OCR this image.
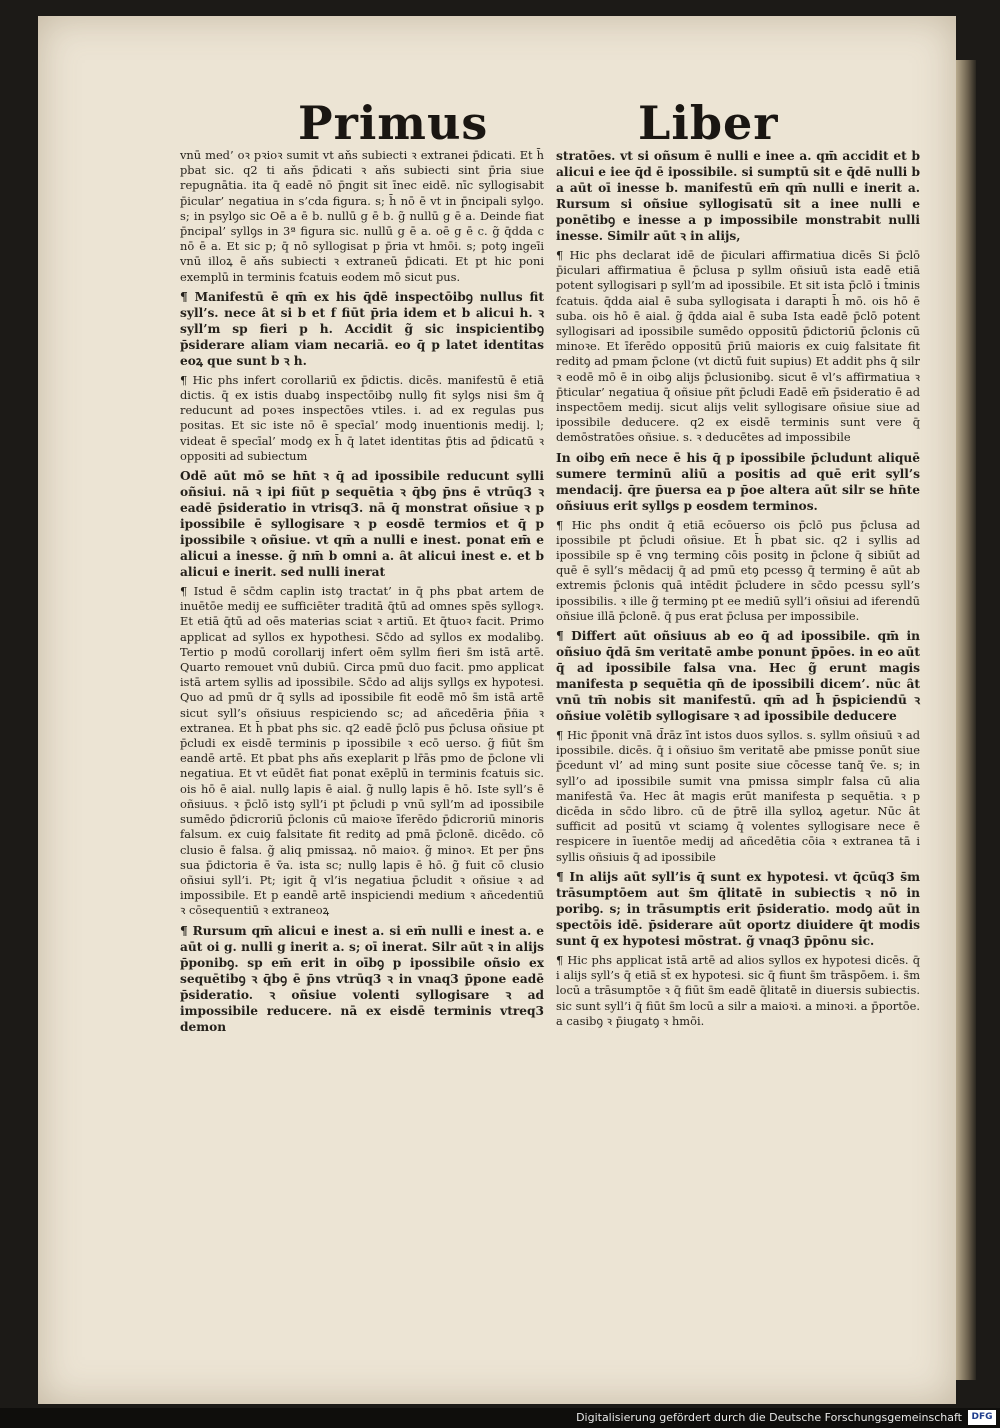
Primus	Liber

vnū med’ oꝛ pꝛioꝛ sumit vt aňs subiecti ꝛ extranei p̄dicati. Et h̄ pbat sic. q2 ti aňs p̄dicati ꝛ aňs subiecti sint p̄ria siue repugnātia. ita q̄ eadē nō p̄ngit sit īnec eidē. nīc syllogisabit p̄icular’ negatiua in s’cda figura. s; h̄ nō ē vt in p̄ncipali sylꝯo. s; in psylꝯo sic Oē a ē b. nullū g ē b. g̃ nullū g ē a. Deinde fiat p̄ncipal’ syllꝯs in 3ª figura sic. nullū g ē a. oē g ē c. g̃ q̄dda c nō ē a. Et sic p; q̄ nō syllogisat p p̄ria vt hmōi. s; potꝯ ingeīi vnū illoꝝ ē aňs subiecti ꝛ extraneū p̄dicati. Et pt hic poni exemplū in terminis fcatuis eodem mō sicut pus.

¶ Manifestū ē qm̄ ex his q̄dē inspectōibꝯ nullus fit syll’s. nece ȃt si b et f fiūt p̄ria idem et b alicui h. ꝛ syll’m sp fieri p h. Accidit g̃ sic inspicientibꝯ p̄siderare aliam viam necariā. eo q̄ p latet identitas eoꝝ que sunt b ꝛ h.

¶ Hic phs infert corollariū ex p̄dictis. dicēs. manifestū ē etiā dictis. q̄ ex istis duabꝯ inspectōibꝯ nullꝯ fit sylꝯs nisi s̄m q̄ reducunt ad poꝛes inspectōes vtiles. i. ad ex regulas pus positas. Et sic iste nō ē specīal’ modꝯ inuentionis medij. l; videat ē specīal’ modꝯ ex h̄ q̄ latet identitas p̄tis ad p̄dicatū ꝛ oppositi ad subiectum

Odē aūt mō se hn̄t ꝛ q̄ ad ipossibile reducunt sylli oñsiui. nā ꝛ ipi fiūt p sequētia ꝛ q̄bꝯ p̄ns ē vtrūq3 ꝛ eadē p̄sideratio in vtrisq3. nā q̄ monstrat oñsiue ꝛ p ipossibile ē syllogisare ꝛ p eosdē termios et q̄ p ipossibile ꝛ oñsiue. vt qm̄ a nulli e inest. ponat em̄ e alicui a inesse. g̃ nm̄ b omni a. ȃt alicui inest e. et b alicui e inerit. sed nulli inerat

¶ Istud ē sc̄dm caplin istꝯ tractat’ in q̄ phs pbat artem de inuētōe medij ee sufficiēter traditā q̄tū ad omnes spēs syllogꝛ. Et etiā q̄tū ad oēs materias sciat ꝛ artiū. Et q̄tuoꝛ facit. Primo applicat ad syllos ex hypothesi. Sc̄do ad syllos ex modalibꝯ. Tertio p modū corollarij infert oēm syllm fieri s̄m istā artē. Quarto remouet vnū dubiū. Circa pmū duo facit. pmo applicat istā artem syllis ad ipossibile. Sc̄do ad alijs syllꝯs ex hypotesi. Quo ad pmū dr q̄ sylls ad ipossibile fit eodē mō s̄m istā artē sicut syll’s oñsiuus respiciendo sc; ad añcedēria p̄ñia ꝛ extranea. Et h̄ pbat phs sic. q2 eadē p̄clō pus p̄clusa oñsiue pt p̄cludi ex eisdē terminis p ipossibile ꝛ ecō uerso. g̃ fiūt s̄m eandē artē. Et pbat phs aňs exeplarit p lr̄ās pmo de p̄clone vli negatiua. Et vt eūdēt fiat ponat exēplū in terminis fcatuis sic. ois hō ē aial. nullꝯ lapis ē aial. g̃ nullꝯ lapis ē hō. Iste syll’s ē oñsiuus. ꝛ p̄clō istꝯ syll’i pt p̄cludi p vnū syll’m ad ipossibile sumēdo p̄dicroriū p̄clonis cū maioꝛe īferēdo p̄dicroriū minoris falsum. ex cuiꝯ falsitate fit reditꝯ ad pmā p̄clonē. dicēdo. cō clusio ē falsa. g̃ aliq pmissaꝝ. nō maioꝛ. g̃ minoꝛ. Et per p̄ns sua p̄dictoria ē v̄a. ista sc; nullꝯ lapis ē hō. g̃ fuit cō clusio oñsiui syll’i. Pt; igit q̄ vl’is negatiua p̄cludit ꝛ oñsiue ꝛ ad impossibile. Et p eandē artē inspiciendi medium ꝛ añcedentiū ꝛ cōsequentiū ꝛ extraneoꝝ

¶ Rursum qm̄ alicui e inest a. si em̄ nulli e inest a. e aūt oi g. nulli g inerit a. s; oī inerat. Silr aūt ꝛ in alijs p̄ponibꝯ. sp em̄ erit in oībꝯ p ipossibile oñsio ex sequētibꝯ ꝛ q̄bꝯ ē p̄ns vtrūq3 ꝛ in vnaq3 p̄pone eadē p̄sideratio. ꝛ oñsiue volenti syllogisare ꝛ ad impossibile reducere. nā ex eisdē terminis vtreq3 demon

stratōes. vt si oñsum ē nulli e inee a. qm̄ accidit et b alicui e iee q̄d ē ipossibile. si sumptū sit e q̄dē nulli b a aūt oī inesse b. manifestū em̄ qm̄ nulli e inerit a. Rursum si oñsiue syllogisatū sit a inee nulli e ponētibꝯ e inesse a p impossibile monstrabit nulli inesse. Similr aūt ꝛ in alijs,

¶ Hic phs declarat idē de p̄iculari affirmatiua dicēs Si p̄clō p̄iculari affirmatiua ē p̄clusa p syllm oñsiuū ista eadē etiā potent syllogisari p syll’m ad ipossibile. Et sit ista p̄clō i t̄minis fcatuis. q̄dda aial ē suba syllogisata i darapti h̄ mō. ois hō ē suba. ois hō ē aial. g̃ q̄dda aial ē suba Ista eadē p̄clō potent syllogisari ad ipossibile sumēdo oppositū p̄dictoriū p̄clonis cū minoꝛe. Et īferēdo oppositū p̄riū maioris ex cuiꝯ falsitate fit reditꝯ ad pmam p̄clone (vt dictū fuit supius) Et addit phs q̄ silr ꝛ eodē mō ē in oibꝯ alijs p̄clusionibꝯ. sicut ē vl’s affirmatiua ꝛ p̄ticular’ negatiua q̄ oñsiue pñt p̄cludi Eadē em̄ p̄sideratio ē ad inspectōem medij. sicut alijs velit syllogisare oñsiue siue ad ipossibile deducere. q2 ex eisdē terminis sunt vere q̄ demōstratōes oñsiue. s. ꝛ deducētes ad impossibile

In oibꝯ em̄ nece ē his q̄ p ipossibile p̄cludunt aliquē sumere terminū aliū a positis ad quē erit syll’s mendacij. q̄re p̄uersa ea p p̄oe altera aūt silr se hn̄te oñsiuus erit syllꝯs p eosdem terminos.

¶ Hic phs ondit q̄ etiā ecōuerso ois p̄clō pus p̄clusa ad ipossibile pt p̄cludi oñsiue. Et h̄ pbat sic. q2 i syllis ad ipossibile sp ē vnꝯ terminꝯ cōis positꝯ in p̄clone q̄ sibiūt ad quē ē syll’s mēdacij q̄ ad pmū etꝯ pcessꝯ q̄ terminꝯ ē aūt ab extremis p̄clonis quā intēdit p̄cludere in sc̄do pcessu syll’s ipossibilis. ꝛ ille g̃ terminꝯ pt ee mediū syll’i oñsiui ad iferendū oñsiue illā p̄clonē. q̄ pus erat p̄clusa per impossibile.

¶ Differt aūt oñsiuus ab eo q̄ ad ipossibile. qm̄ in oñsiuo q̄dā s̄m veritatē ambe ponunt p̄pōes. in eo aūt q̄ ad ipossibile falsa vna. Hec g̃ erunt magis manifesta p sequētia qn̄ de ipossibili dicem’. nūc ȃt vnū tm̄ nobis sit manifestū. qm̄ ad h̄ p̄spiciendū ꝛ oñsiue volētib syllogisare ꝛ ad ipossibile deducere

¶ Hic p̄ponit vnā d̄rāz īnt istos duos syllos. s. syllm oñsiuū ꝛ ad ipossibile. dicēs. q̄ i oñsiuo s̄m veritatē abe pmisse ponūt siue p̄cedunt vl’ ad minꝯ sunt posite siue cōcesse tanq̄ v̄e. s; in syll’o ad ipossibile sumit vna pmissa simplr falsa cū alia manifestā v̄a. Hec ȃt magis erūt manifesta p sequētia. ꝛ p dicēda in sc̄do libro. cū de p̄trē illa sylloꝝ agetur. Nūc ȃt sufficit ad positū vt sciamꝯ q̄ volentes syllogisare nece ē respicere in īuentōe medij ad añcedētia cōia ꝛ extranea tā i syllis oñsiuis q̄ ad ipossibile

¶ In alijs aūt syll’is q̄ sunt ex hypotesi. vt q̄cūq3 s̄m trāsumptōem aut s̄m q̄litatē in subiectis ꝛ nō in poribꝯ. s; in trāsumptis erit p̄sideratio. modꝯ aūt in spectōis idē. p̄siderare aūt oportz diuidere q̄t modis sunt q̄ ex hypotesi mōstrat. g̃ vnaq3 p̄pōnu sic.

¶ Hic phs applicat istā artē ad alios syllos ex hypotesi dicēs. q̄ i alijs syll’s q̄ etiā st̄ ex hypotesi. sic q̄ fiunt s̄m trāspōem. i. s̄m locū a trāsumptōe ꝛ q̄ fiūt s̄m eadē q̄litatē in diuersis subiectis. sic sunt syll’i q̄ fiūt s̄m locū a silr a maioꝛi. a minoꝛi. a p̄portōe. a casibꝯ ꝛ p̄iugatꝯ ꝛ hmōi.

Digitalisierung gefördert durch die Deutsche Forschungsgemeinschaft	DFG
